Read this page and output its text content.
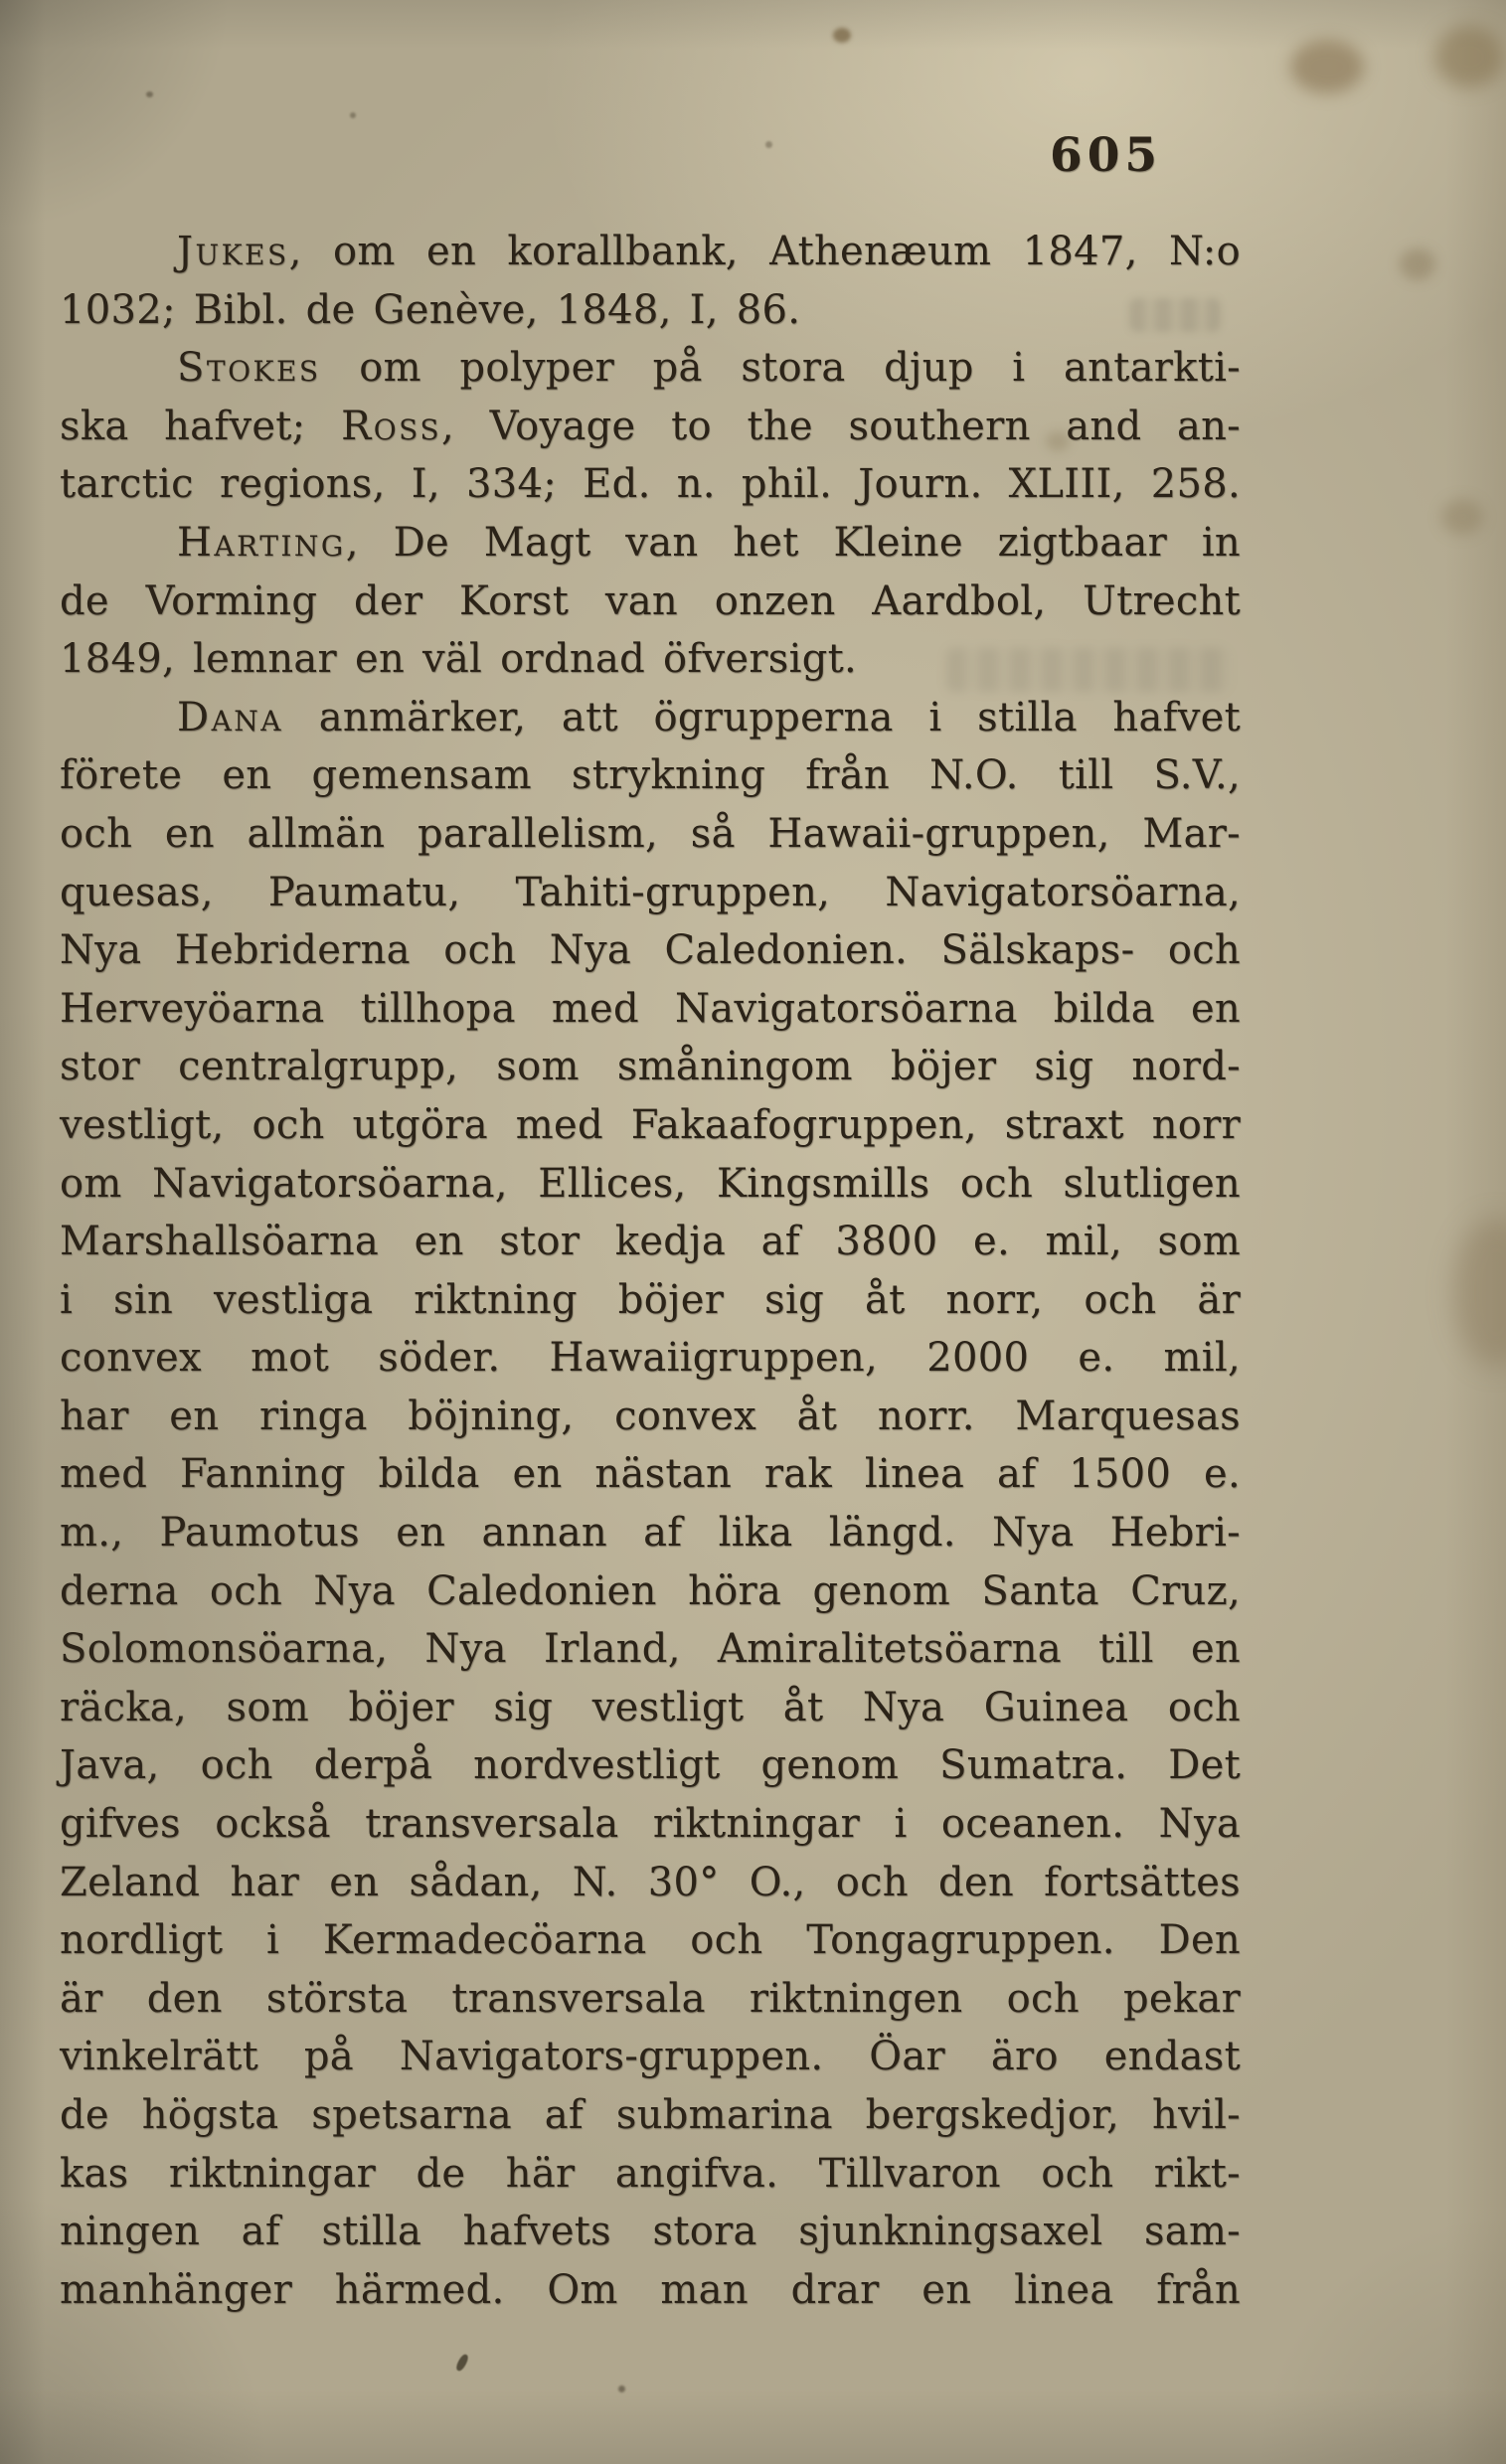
605
Jukes, om en korallbank, Athenæum 1847, N:o
1032; Bibl. de Genève, 1848, I, 86.
Stokes om polyper på stora djup i antarkti-
ska hafvet; Ross, Voyage to the southern and an-
tarctic regions, I, 334; Ed. n. phil. Journ. XLIII, 258.
Harting, De Magt van het Kleine zigtbaar in
de Vorming der Korst van onzen Aardbol, Utrecht
1849, lemnar en väl ordnad öfversigt.
Dana anmärker, att ögrupperna i stilla hafvet
förete en gemensam strykning från N.O. till S.V.,
och en allmän parallelism, så Hawaii-gruppen, Mar-
quesas, Paumatu, Tahiti-gruppen, Navigatorsöarna,
Nya Hebriderna och Nya Caledonien. Sälskaps- och
Herveyöarna tillhopa med Navigatorsöarna bilda en
stor centralgrupp, som småningom böjer sig nord-
vestligt, och utgöra med Fakaafogruppen, straxt norr
om Navigatorsöarna, Ellices, Kingsmills och slutligen
Marshallsöarna en stor kedja af 3800 e. mil, som
i sin vestliga riktning böjer sig åt norr, och är
convex mot söder. Hawaiigruppen, 2000 e. mil,
har en ringa böjning, convex åt norr. Marquesas
med Fanning bilda en nästan rak linea af 1500 e.
m., Paumotus en annan af lika längd. Nya Hebri-
derna och Nya Caledonien höra genom Santa Cruz,
Solomonsöarna, Nya Irland, Amiralitetsöarna till en
räcka, som böjer sig vestligt åt Nya Guinea och
Java, och derpå nordvestligt genom Sumatra. Det
gifves också transversala riktningar i oceanen. Nya
Zeland har en sådan, N. 30° O., och den fortsättes
nordligt i Kermadecöarna och Tongagruppen. Den
är den största transversala riktningen och pekar
vinkelrätt på Navigators-gruppen. Öar äro endast
de högsta spetsarna af submarina bergskedjor, hvil-
kas riktningar de här angifva. Tillvaron och rikt-
ningen af stilla hafvets stora sjunkningsaxel sam-
manhänger härmed. Om man drar en linea från
